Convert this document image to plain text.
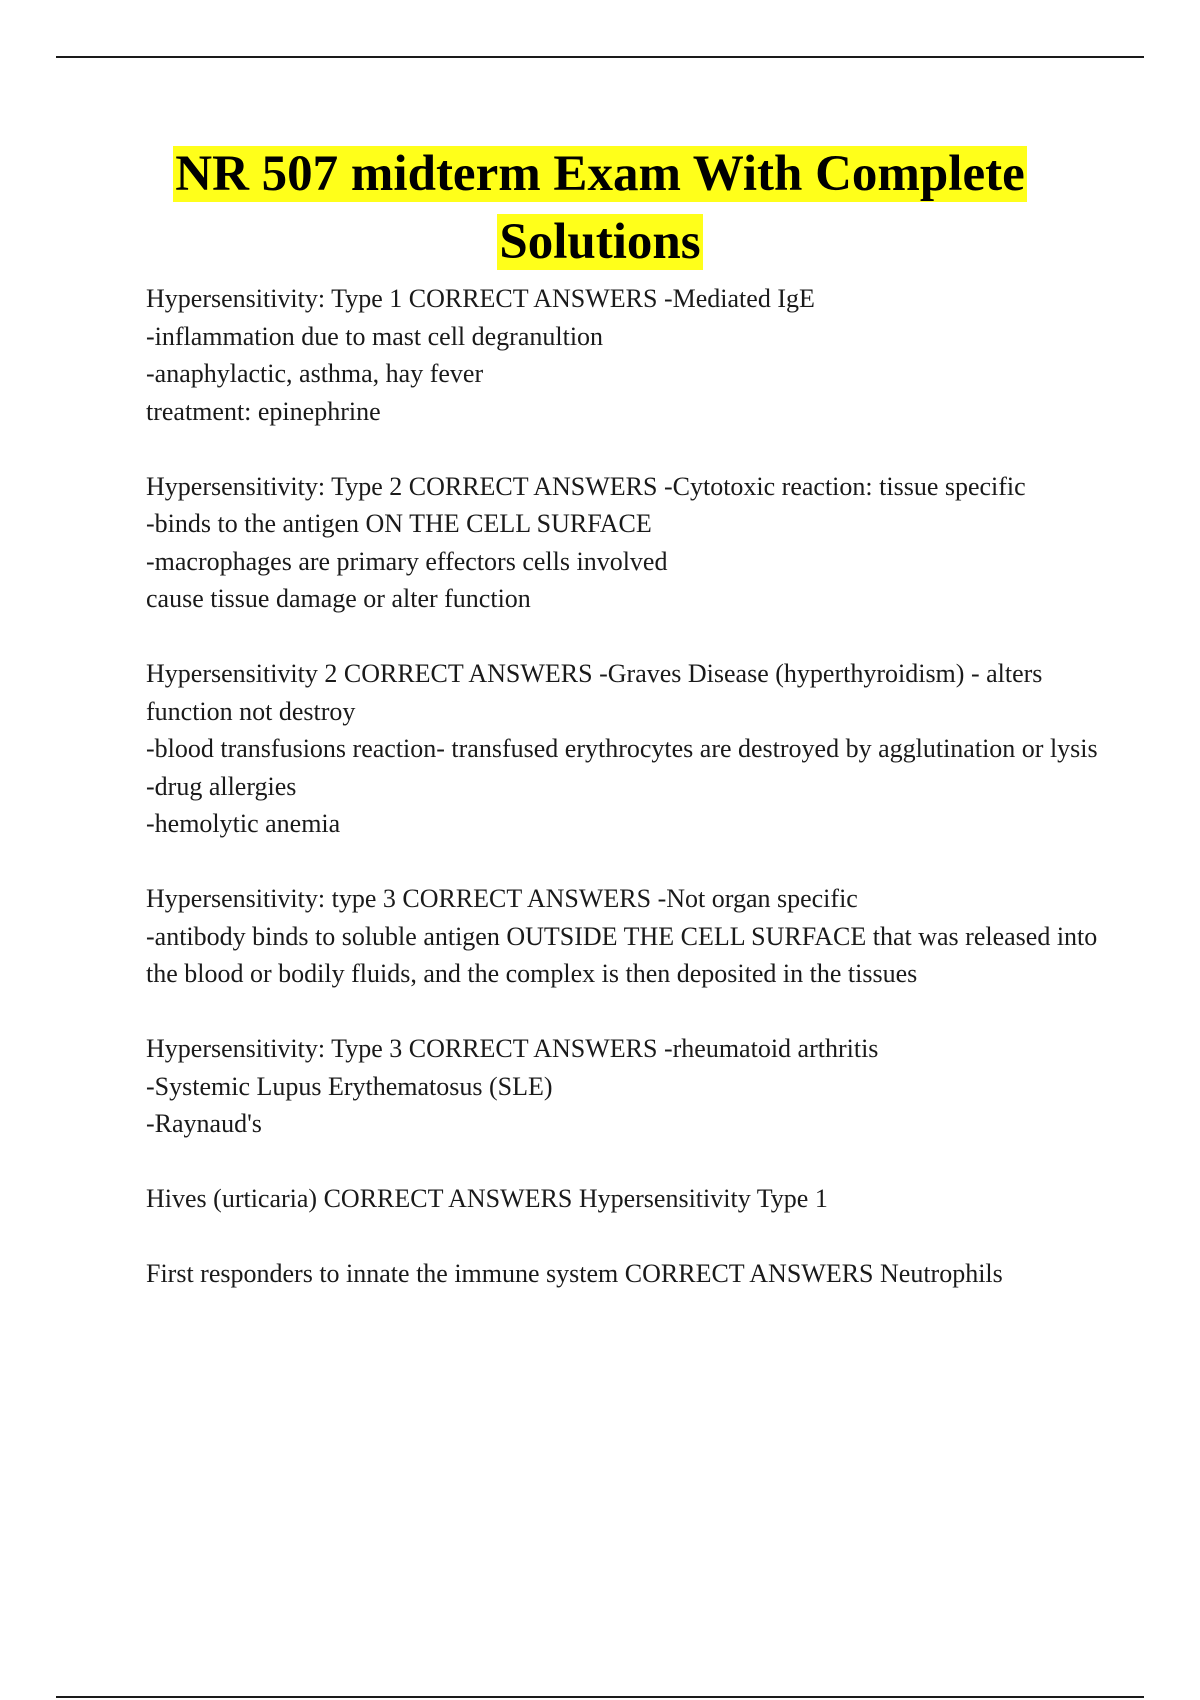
NR 507 midterm Exam With Complete
Solutions
Hypersensitivity: Type 1 CORRECT ANSWERS -Mediated IgE
-inflammation due to mast cell degranultion
-anaphylactic, asthma, hay fever
treatment: epinephrine
Hypersensitivity: Type 2 CORRECT ANSWERS -Cytotoxic reaction: tissue specific
-binds to the antigen ON THE CELL SURFACE
-macrophages are primary effectors cells involved
cause tissue damage or alter function
Hypersensitivity 2 CORRECT ANSWERS -Graves Disease (hyperthyroidism) - alters function not destroy
-blood transfusions reaction- transfused erythrocytes are destroyed by agglutination or lysis
-drug allergies
-hemolytic anemia
Hypersensitivity: type 3 CORRECT ANSWERS -Not organ specific
-antibody binds to soluble antigen OUTSIDE THE CELL SURFACE that was released into the blood or bodily fluids, and the complex is then deposited in the tissues
Hypersensitivity: Type 3 CORRECT ANSWERS -rheumatoid arthritis
-Systemic Lupus Erythematosus (SLE)
-Raynaud's
Hives (urticaria) CORRECT ANSWERS Hypersensitivity Type 1
First responders to innate the immune system CORRECT ANSWERS Neutrophils
